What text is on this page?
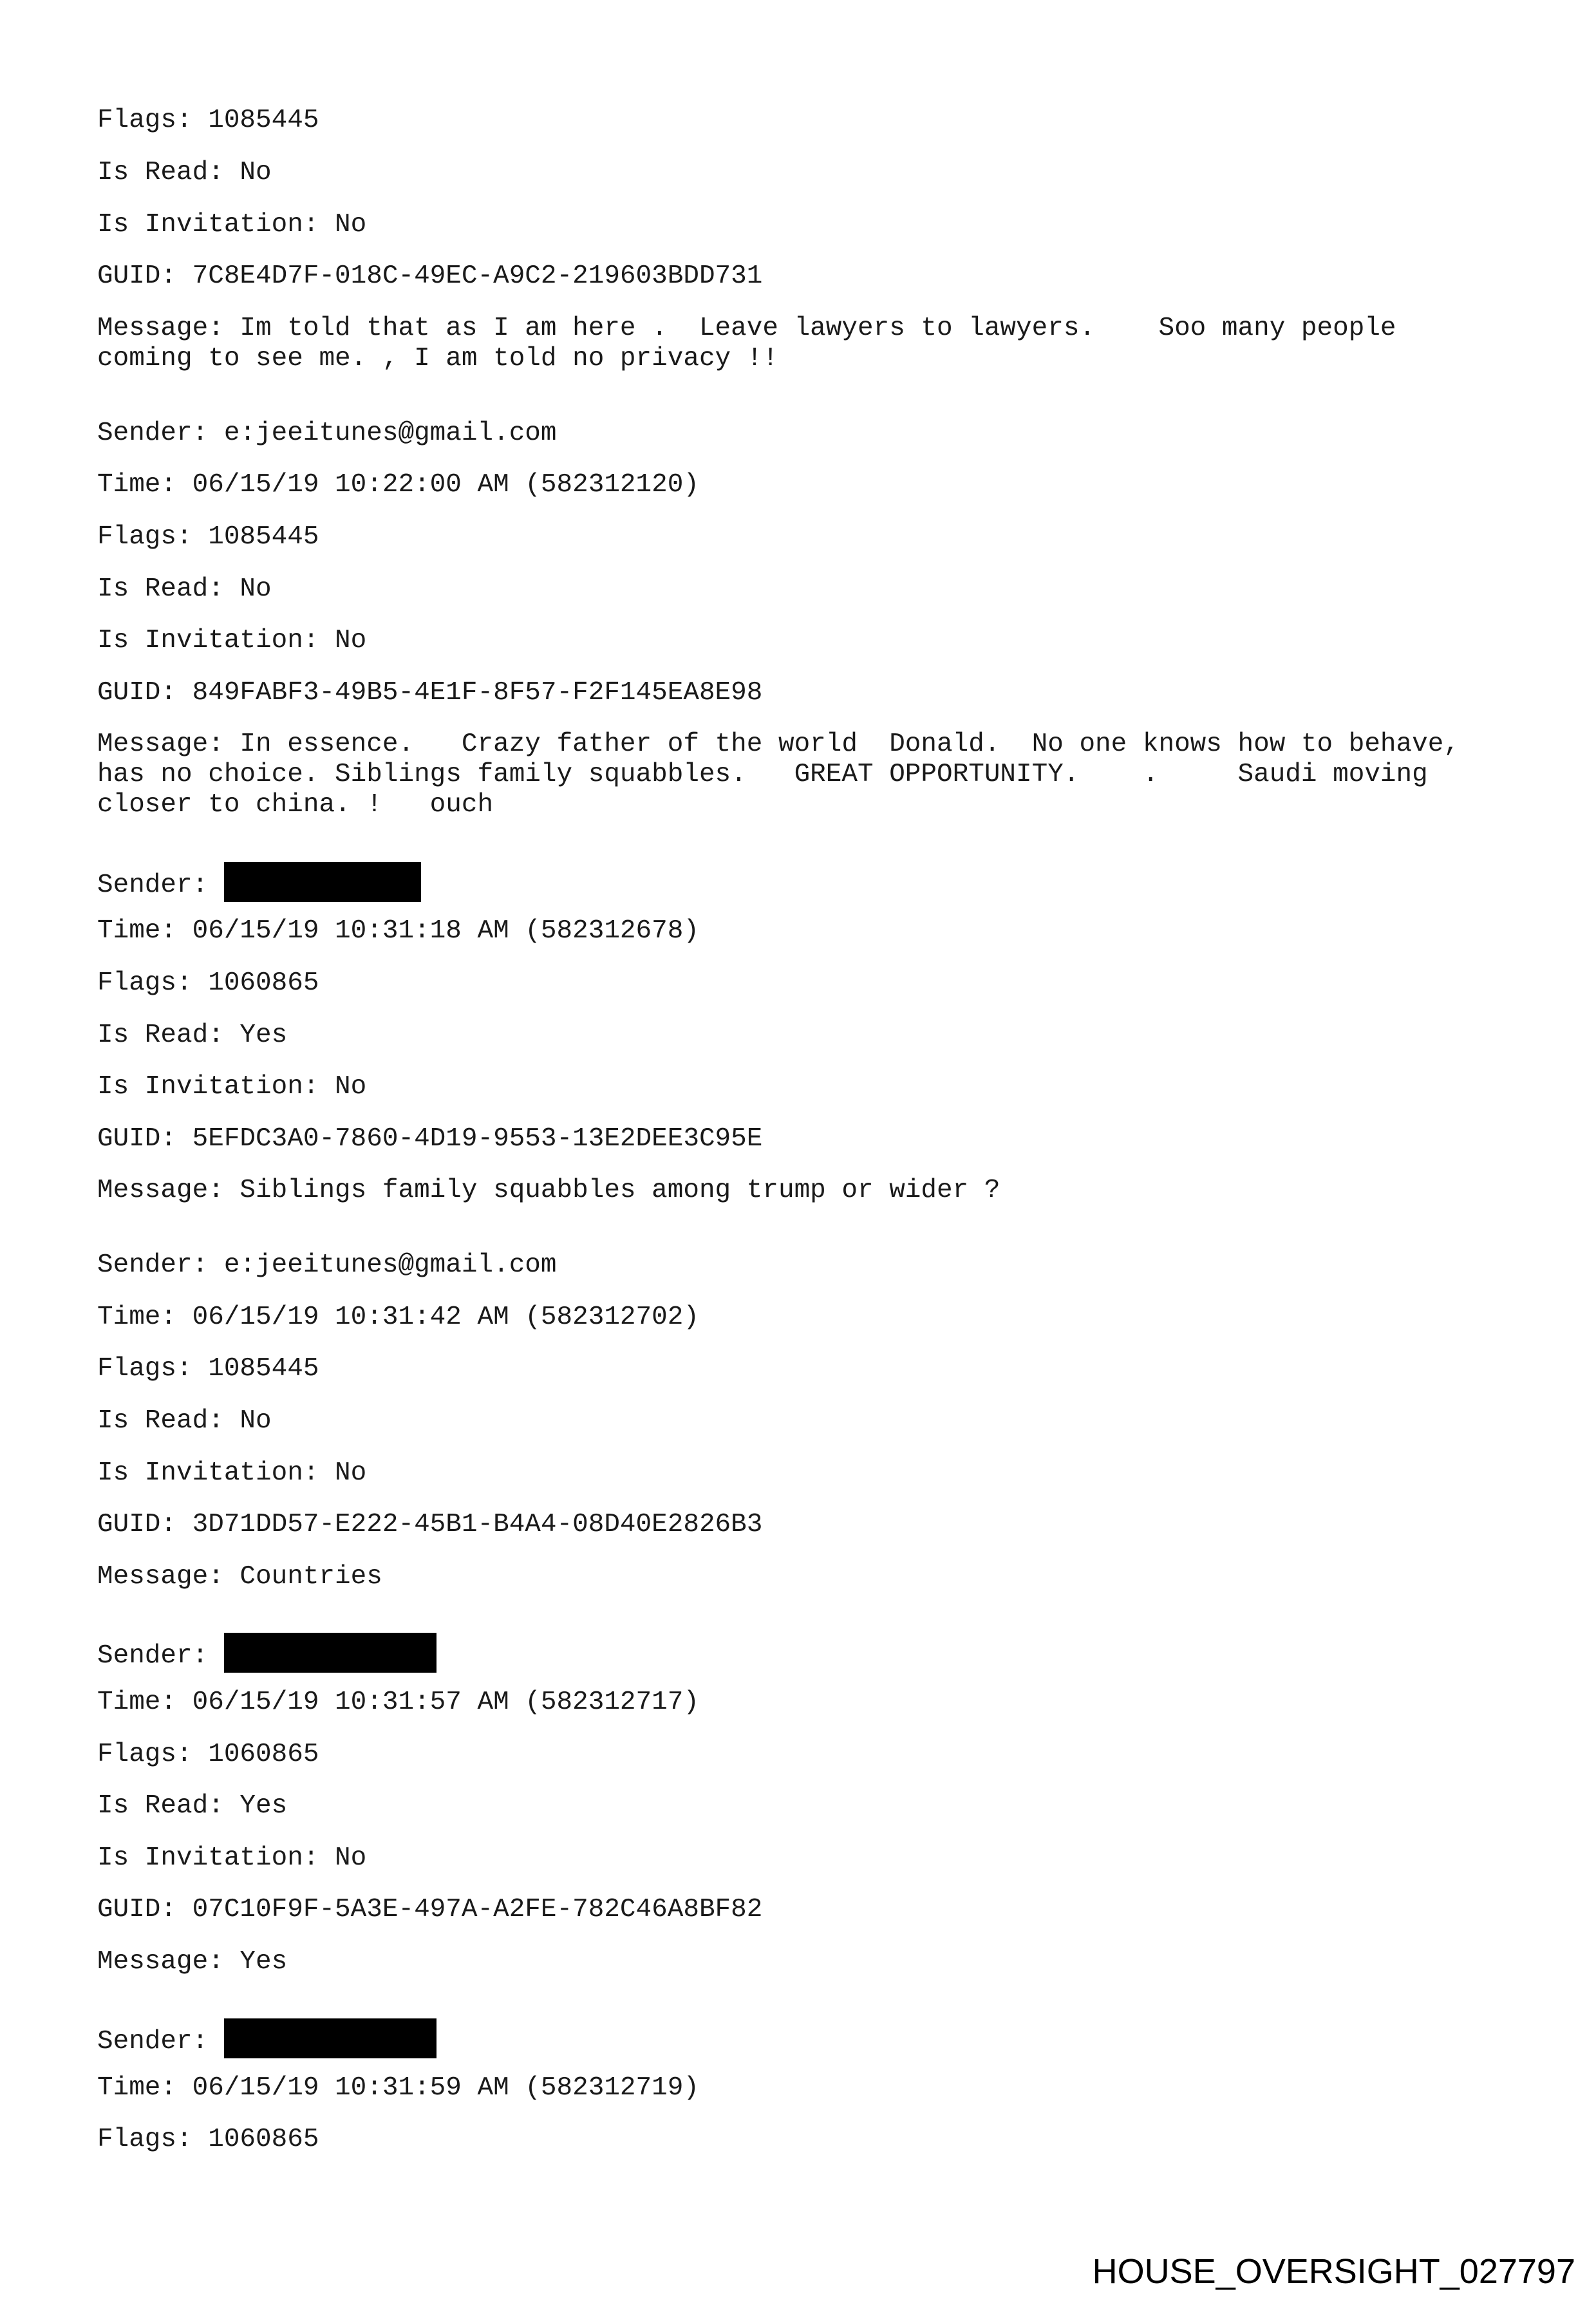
Flags: 1085445
Is Read: No
Is Invitation: No
GUID: 7C8E4D7F-018C-49EC-A9C2-219603BDD731
Message: Im told that as I am here .  Leave lawyers to lawyers.    Soo many people
coming to see me. , I am told no privacy !!
Sender: e:jeeitunes@gmail.com
Time: 06/15/19 10:22:00 AM (582312120)
Flags: 1085445
Is Read: No
Is Invitation: No
GUID: 849FABF3-49B5-4E1F-8F57-F2F145EA8E98
Message: In essence.   Crazy father of the world  Donald.  No one knows how to behave,
has no choice. Siblings family squabbles.   GREAT OPPORTUNITY.    .     Saudi moving
closer to china. !   ouch
Sender:
Time: 06/15/19 10:31:18 AM (582312678)
Flags: 1060865
Is Read: Yes
Is Invitation: No
GUID: 5EFDC3A0-7860-4D19-9553-13E2DEE3C95E
Message: Siblings family squabbles among trump or wider ?
Sender: e:jeeitunes@gmail.com
Time: 06/15/19 10:31:42 AM (582312702)
Flags: 1085445
Is Read: No
Is Invitation: No
GUID: 3D71DD57-E222-45B1-B4A4-08D40E2826B3
Message: Countries
Sender:
Time: 06/15/19 10:31:57 AM (582312717)
Flags: 1060865
Is Read: Yes
Is Invitation: No
GUID: 07C10F9F-5A3E-497A-A2FE-782C46A8BF82
Message: Yes
Sender:
Time: 06/15/19 10:31:59 AM (582312719)
Flags: 1060865
HOUSE_OVERSIGHT_027797
